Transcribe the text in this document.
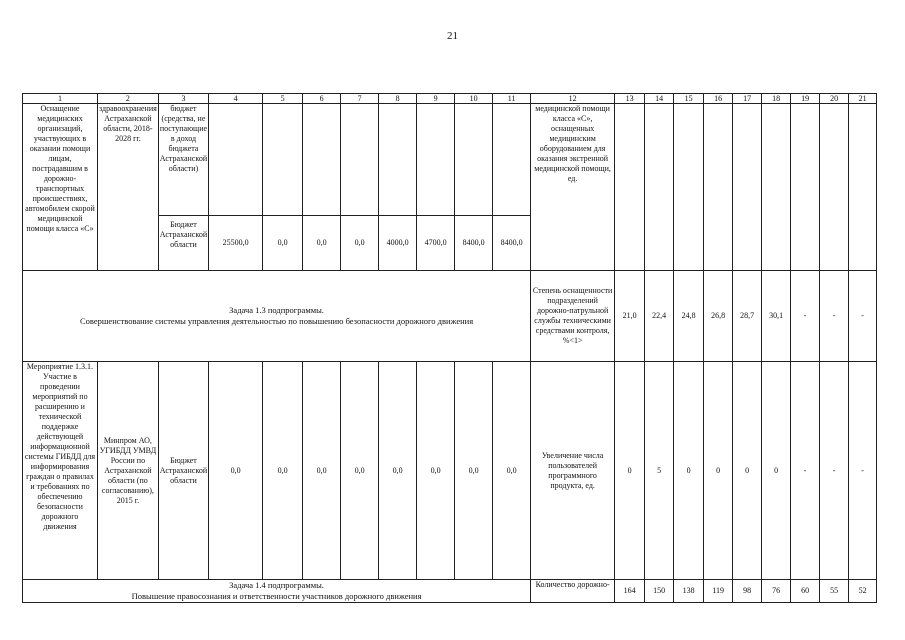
21
1	2	3	4	5	6	7	8	9	10	11	12	13	14	15	16	17	18	19	20	21
Оснащение медицинских организаций, участвующих в оказании помощи лицам, пострадавшим в дорожно-транспортных происшествиях, автомобилем скорой медицинской помощи класса «С»	здравоохранения Астраханской области, 2018-2028 гг.	бюджет (средства, не поступающие в доход бюджета Астраханской области)									медицинской помощи класса «С», оснащенных медицинским оборудованием для оказания экстренной медицинской помощи, ед.									
		Бюджет Астраханской области	25500,0	0,0	0,0	0,0	4000,0	4700,0	8400,0	8400,0										

Задача 1.3 подпрограммы.
Совершенствование системы управления деятельностью по повышению безопасности дорожного движения											Степень оснащенности подразделений дорожно-патрульной службы техническими средствами контроля, %<1>	21,0	22,4	24,8	26,8	28,7	30,1	-	-	-
Мероприятие 1.3.1. Участие в проведении мероприятий по расширению и технической поддержке действующей информационной системы ГИБДД для информирования граждан о правилах и требованиях по обеспечению безопасности дорожного движения	Минпром АО, УГИБДД УМВД России по Астраханской области (по согласованию), 2015 г.	Бюджет Астраханской области	0,0	0,0	0,0	0,0	0,0	0,0	0,0	0,0	Увеличение числа пользователей программного продукта, ед.	0	5	0	0	0	0	-	-	-

Задача 1.4 подпрограммы.
Повышение правосознания и ответственности участников дорожного движения											Количество дорожно-	164	150	138	119	98	76	60	55	52
